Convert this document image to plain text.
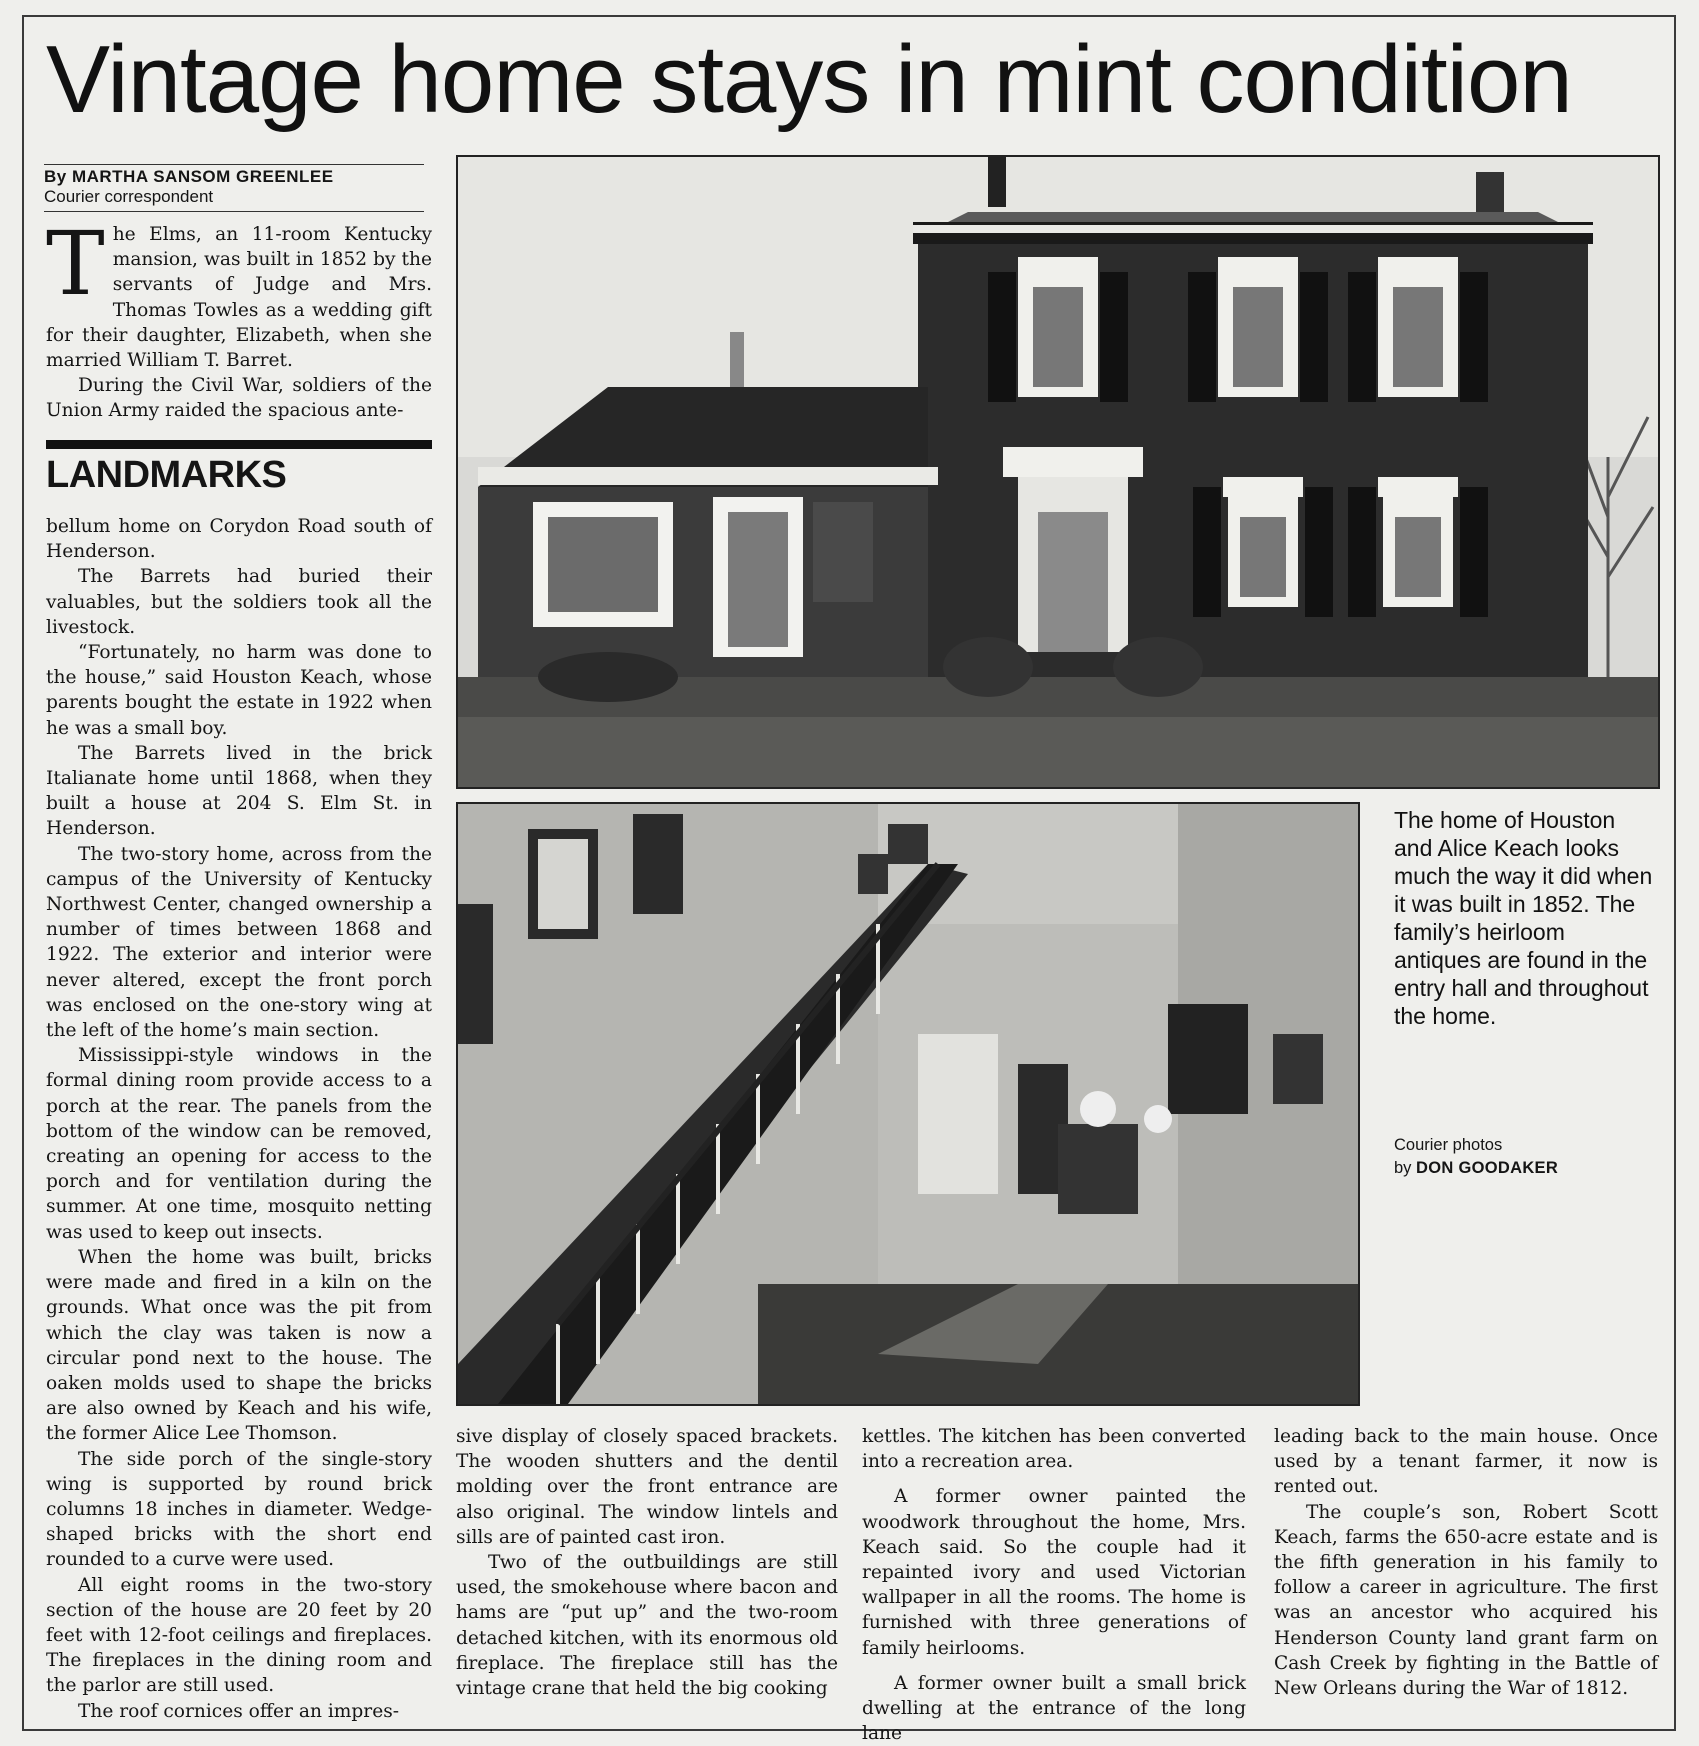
Vintage home stays in mint condition
By MARTHA SANSOM GREENLEE
Courier correspondent

The Elms, an 11-room Kentucky mansion, was built in 1852 by the servants of Judge and Mrs. Thomas Towles as a wedding gift for their daughter, Elizabeth, when she married William T. Barret.

During the Civil War, soldiers of the Union Army raided the spacious ante-

LANDMARKS

bellum home on Corydon Road south of Henderson.

The Barrets had buried their valuables, but the soldiers took all the livestock.

“Fortunately, no harm was done to the house,” said Houston Keach, whose parents bought the estate in 1922 when he was a small boy.

The Barrets lived in the brick Italianate home until 1868, when they built a house at 204 S. Elm St. in Henderson.

The two-story home, across from the campus of the University of Kentucky Northwest Center, changed ownership a number of times between 1868 and 1922. The exterior and interior were never altered, except the front porch was enclosed on the one-story wing at the left of the home’s main section.

Mississippi-style windows in the formal dining room provide access to a porch at the rear. The panels from the bottom of the window can be removed, creating an opening for access to the porch and for ventilation during the summer. At one time, mosquito netting was used to keep out insects.

When the home was built, bricks were made and fired in a kiln on the grounds. What once was the pit from which the clay was taken is now a circular pond next to the house. The oaken molds used to shape the bricks are also owned by Keach and his wife, the former Alice Lee Thomson.

The side porch of the single-story wing is supported by round brick columns 18 inches in diameter. Wedge-shaped bricks with the short end rounded to a curve were used.

All eight rooms in the two-story section of the house are 20 feet by 20 feet with 12-foot ceilings and fireplaces. The fireplaces in the dining room and the parlor are still used.

The roof cornices offer an impres-

The home of Houston and Alice Keach looks much the way it did when it was built in 1852. The family’s heirloom antiques are found in the entry hall and throughout the home.
Courier photos
by DON GOODAKER

sive display of closely spaced brackets. The wooden shutters and the dentil molding over the front entrance are also original. The window lintels and sills are of painted cast iron.

Two of the outbuildings are still used, the smokehouse where bacon and hams are “put up” and the two-room detached kitchen, with its enormous old fireplace. The fireplace still has the vintage crane that held the big cooking

kettles. The kitchen has been converted into a recreation area.

A former owner painted the woodwork throughout the home, Mrs. Keach said. So the couple had it repainted ivory and used Victorian wallpaper in all the rooms. The home is furnished with three generations of family heirlooms.

A former owner built a small brick dwelling at the entrance of the long lane

leading back to the main house. Once used by a tenant farmer, it now is rented out.

The couple’s son, Robert Scott Keach, farms the 650-acre estate and is the fifth generation in his family to follow a career in agriculture. The first was an ancestor who acquired his Henderson County land grant farm on Cash Creek by fighting in the Battle of New Orleans during the War of 1812.
